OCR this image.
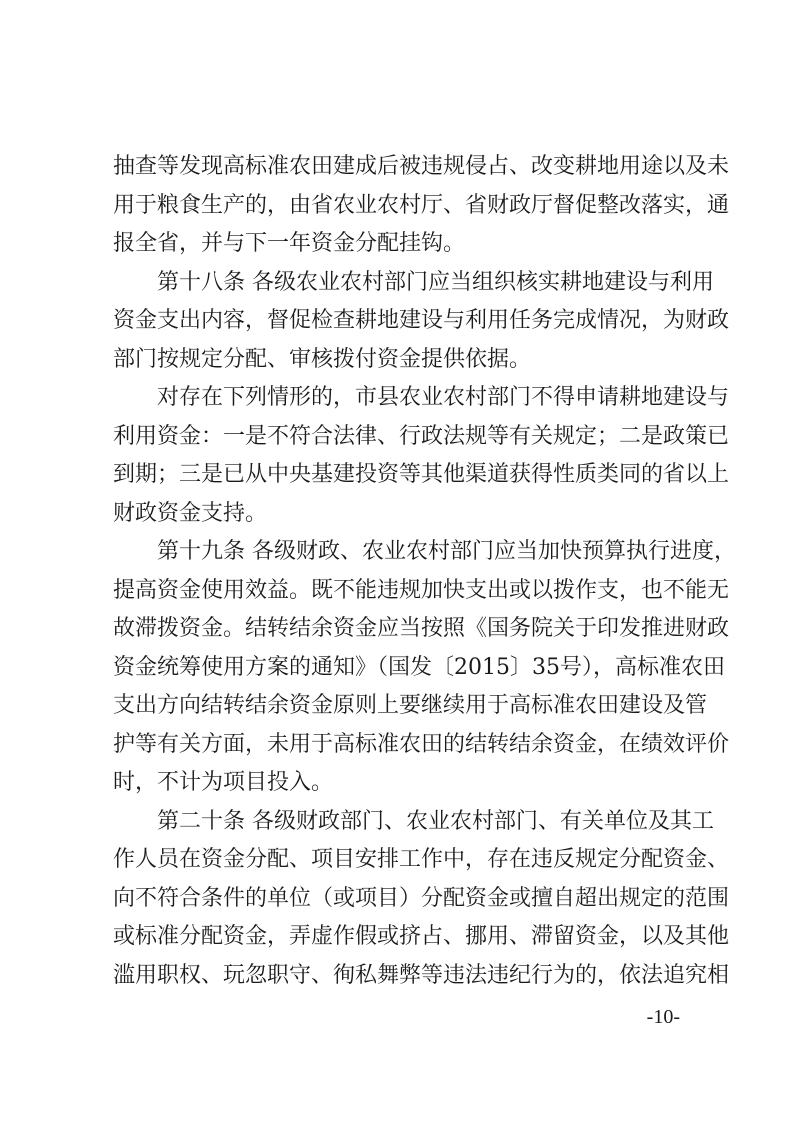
抽查等发现高标准农田建成后被违规侵占、改变耕地用途以及未
用于粮食生产的，由省农业农村厅、省财政厅督促整改落实，通
报全省，并与下一年资金分配挂钩。
第十八条 各级农业农村部门应当组织核实耕地建设与利用
资金支出内容，督促检查耕地建设与利用任务完成情况，为财政
部门按规定分配、审核拨付资金提供依据。
对存在下列情形的，市县农业农村部门不得申请耕地建设与
利用资金：一是不符合法律、行政法规等有关规定；二是政策已
到期；三是已从中央基建投资等其他渠道获得性质类同的省以上
财政资金支持。
第十九条 各级财政、农业农村部门应当加快预算执行进度，
提高资金使用效益。既不能违规加快支出或以拨作支，也不能无
故滞拨资金。结转结余资金应当按照《国务院关于印发推进财政
资金统筹使用方案的通知》（国发〔2015〕35号），高标准农田
支出方向结转结余资金原则上要继续用于高标准农田建设及管
护等有关方面，未用于高标准农田的结转结余资金，在绩效评价
时，不计为项目投入。
第二十条 各级财政部门、农业农村部门、有关单位及其工
作人员在资金分配、项目安排工作中，存在违反规定分配资金、
向不符合条件的单位（或项目）分配资金或擅自超出规定的范围
或标准分配资金，弄虚作假或挤占、挪用、滞留资金，以及其他
滥用职权、玩忽职守、徇私舞弊等违法违纪行为的，依法追究相
-10-
